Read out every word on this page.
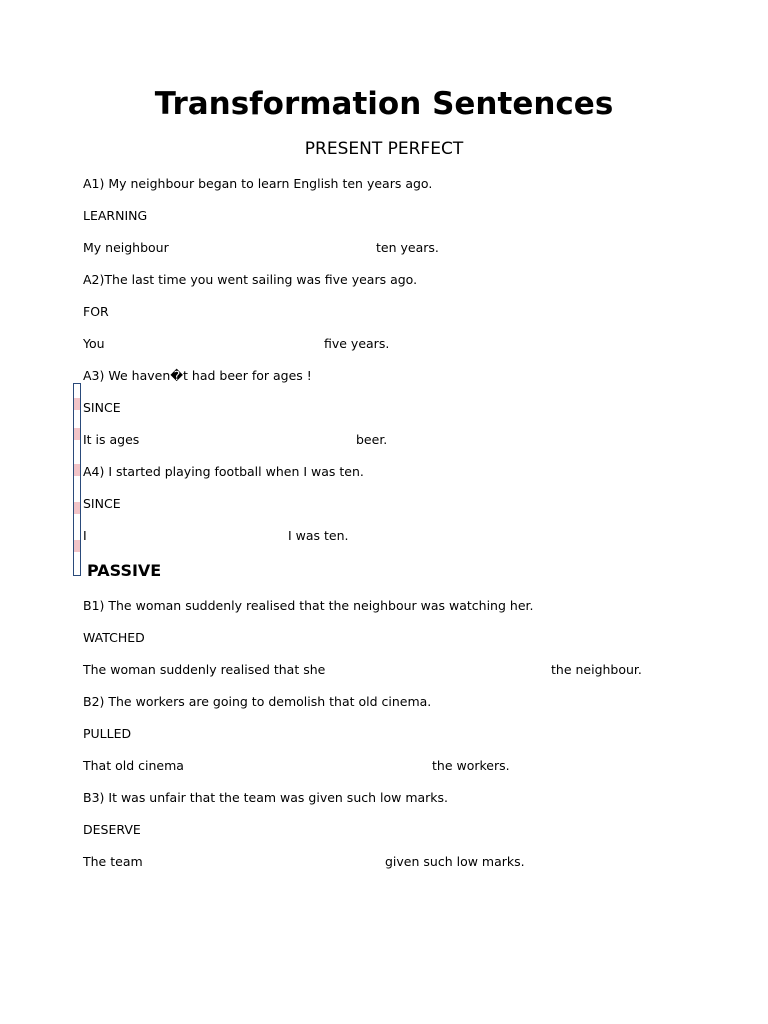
Transformation Sentences
PRESENT PERFECT
A1) My neighbour began to learn English ten years ago.
LEARNING

My neighbour

	ten years.

A2)The last time you went sailing was five years ago.
FOR

You

	five years.

A3) We haven�t had beer for ages !
SINCE

It is ages

	beer.

A4) I started playing football when I was ten.
SINCE

I

	I was ten.

PASSIVE
B1) The woman suddenly realised that the neighbour was watching her.
WATCHED

The woman suddenly realised that she

	the neighbour.

B2) The workers are going to demolish that old cinema.
PULLED

That old cinema

	the workers.

B3) It was unfair that the team was given such low marks.
DESERVE

The team

	given such low marks.
